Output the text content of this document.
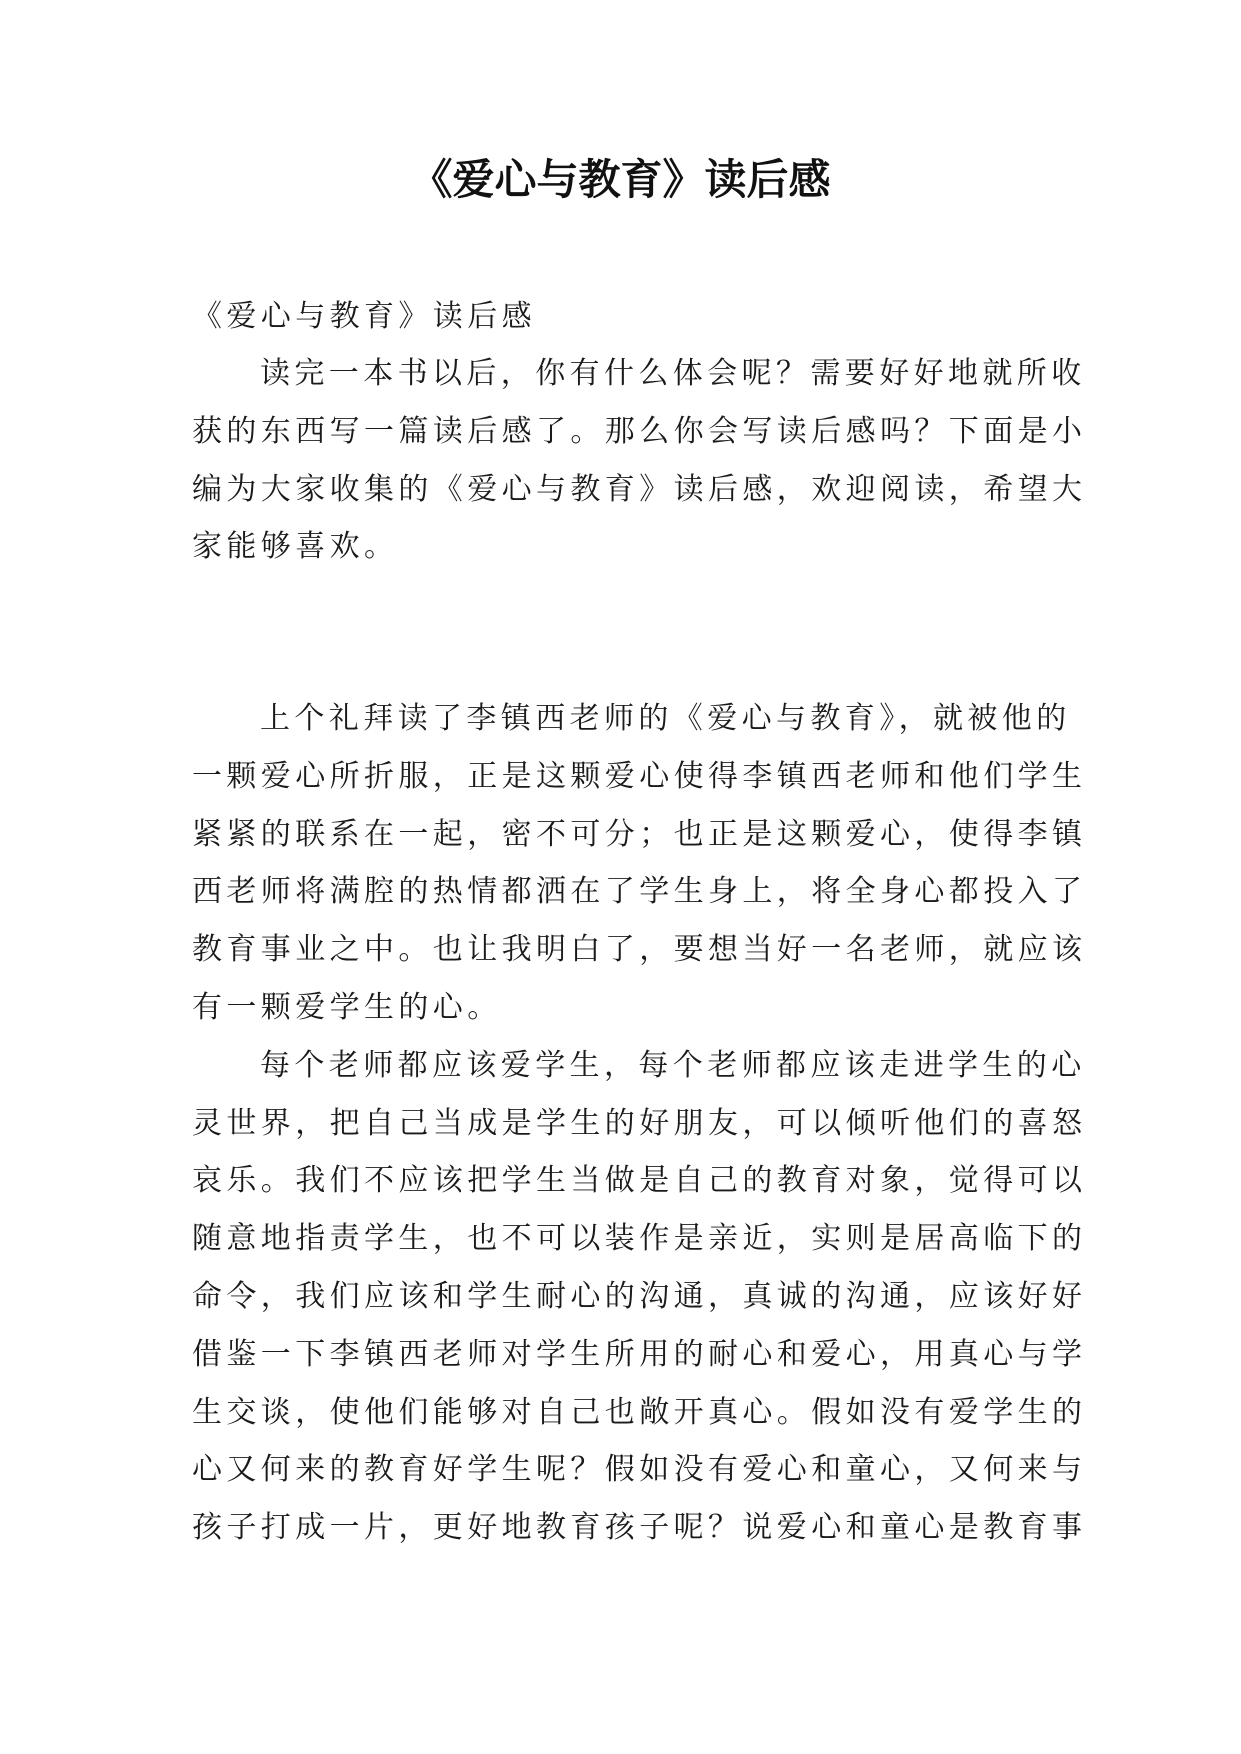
《爱心与教育》读后感

《爱心与教育》读后感

读完一本书以后，你有什么体会呢？需要好好地就所收
获的东西写一篇读后感了。那么你会写读后感吗？下面是小
编为大家收集的《爱心与教育》读后感，欢迎阅读，希望大
家能够喜欢。
上个礼拜读了李镇西老师的《爱心与教育》，就被他的
一颗爱心所折服，正是这颗爱心使得李镇西老师和他们学生
紧紧的联系在一起，密不可分；也正是这颗爱心，使得李镇
西老师将满腔的热情都洒在了学生身上，将全身心都投入了
教育事业之中。也让我明白了，要想当好一名老师，就应该
有一颗爱学生的心。
每个老师都应该爱学生，每个老师都应该走进学生的心
灵世界，把自己当成是学生的好朋友，可以倾听他们的喜怒
哀乐。我们不应该把学生当做是自己的教育对象，觉得可以
随意地指责学生，也不可以装作是亲近，实则是居高临下的
命令，我们应该和学生耐心的沟通，真诚的沟通，应该好好
借鉴一下李镇西老师对学生所用的耐心和爱心，用真心与学
生交谈，使他们能够对自己也敞开真心。假如没有爱学生的
心又何来的教育好学生呢？假如没有爱心和童心，又何来与
孩子打成一片，更好地教育孩子呢？说爱心和童心是教育事
